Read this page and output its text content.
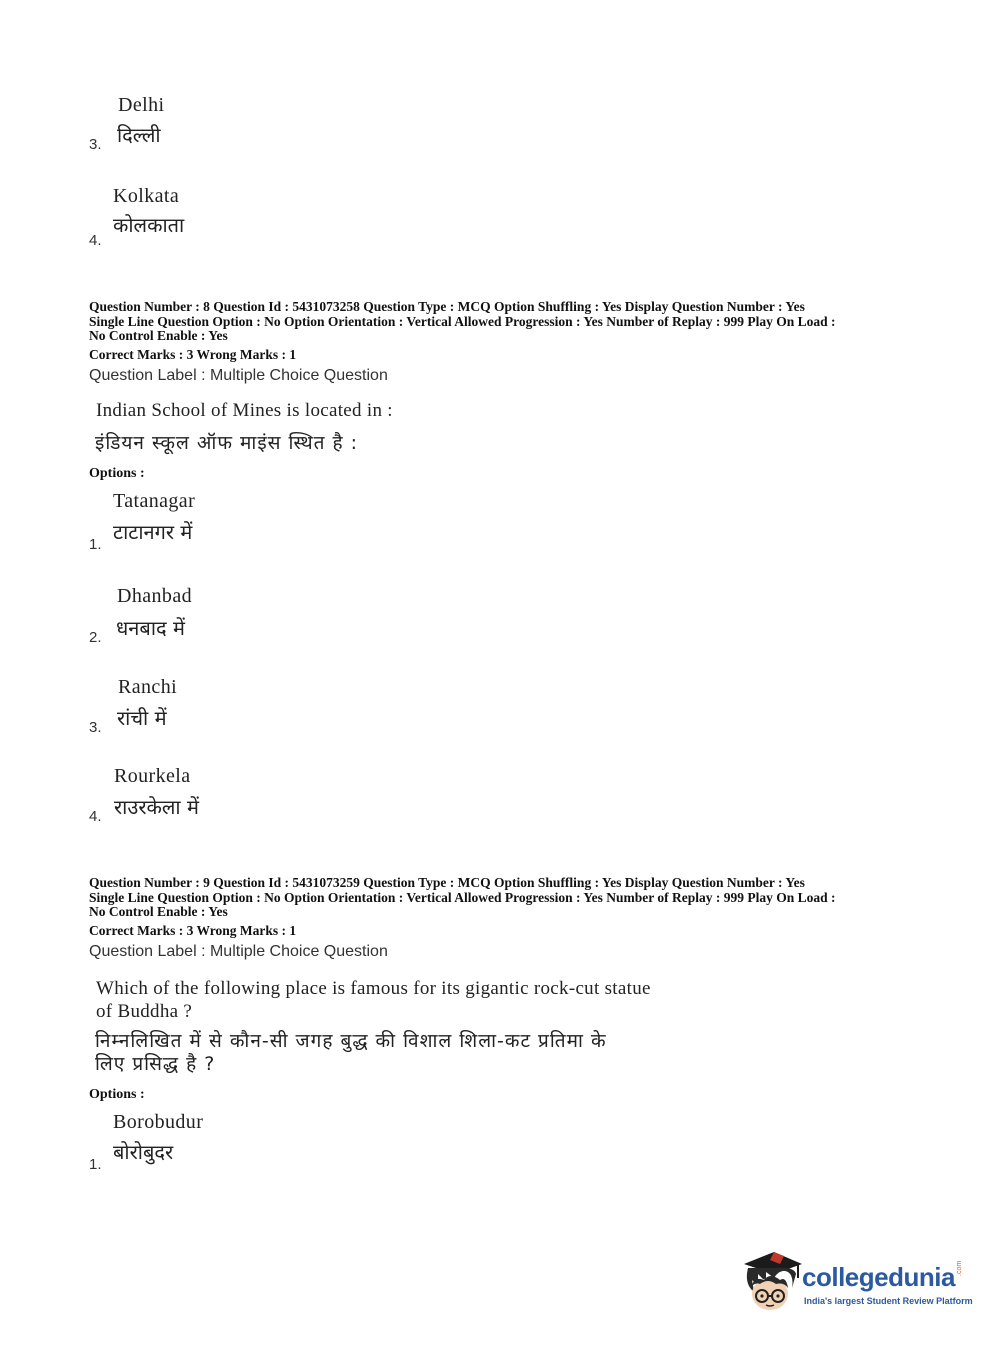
Delhi
दिल्ली
3.
Kolkata
कोलकाता
4.
Question Number : 8 Question Id : 5431073258 Question Type : MCQ Option Shuffling : Yes Display Question Number : Yes
Single Line Question Option : No Option Orientation : Vertical Allowed Progression : Yes Number of Replay : 999 Play On Load :
No Control Enable : Yes
Correct Marks : 3 Wrong Marks : 1
Question Label : Multiple Choice Question
Indian School of Mines is located in :
इंडियन स्कूल ऑफ माइंस स्थित है :
Options :
Tatanagar
टाटानगर में
1.
Dhanbad
धनबाद में
2.
Ranchi
रांची में
3.
Rourkela
राउरकेला में
4.
Question Number : 9 Question Id : 5431073259 Question Type : MCQ Option Shuffling : Yes Display Question Number : Yes
Single Line Question Option : No Option Orientation : Vertical Allowed Progression : Yes Number of Replay : 999 Play On Load :
No Control Enable : Yes
Correct Marks : 3 Wrong Marks : 1
Question Label : Multiple Choice Question
Which of the following place is famous for its gigantic rock-cut statue
of Buddha ?
निम्नलिखित में से कौन-सी जगह बुद्ध की विशाल शिला-कट प्रतिमा के
लिए प्रसिद्ध है ?
Options :
Borobudur
बोरोबुदर
1.
collegedunia .com
India's largest Student Review Platform
